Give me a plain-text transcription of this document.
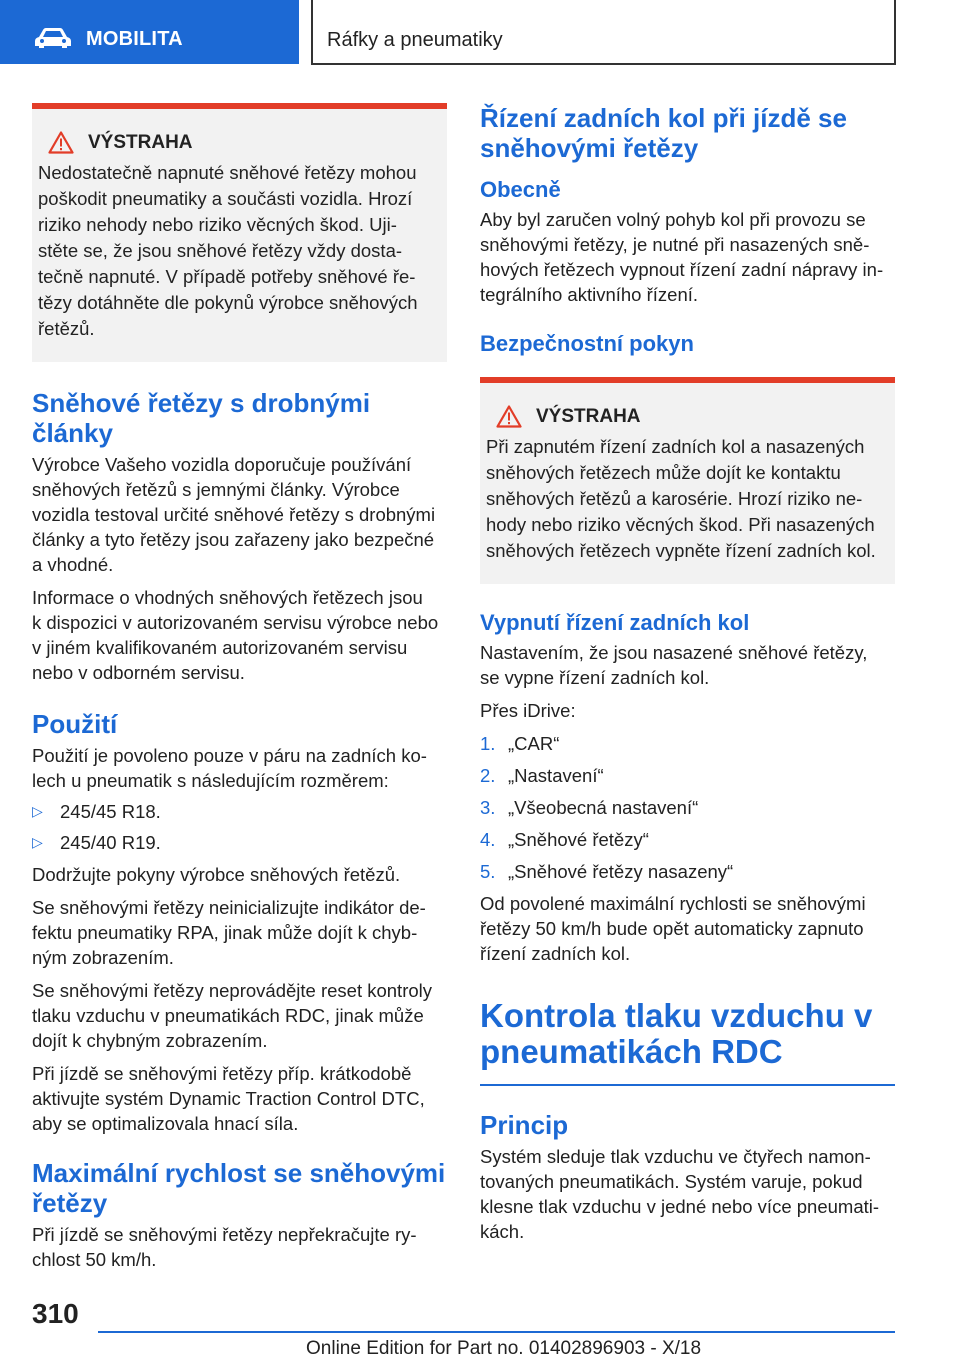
MOBILITA	Ráfky a pneumatiky
VÝSTRAHA
Nedostatečně napnuté sněhové řetězy mohou
poškodit pneumatiky a součásti vozidla. Hrozí
riziko nehody nebo riziko věcných škod. Uji-
stěte se, že jsou sněhové řetězy vždy dosta-
tečně napnuté. V případě potřeby sněhové ře-
tězy dotáhněte dle pokynů výrobce sněhových
řetězů.
Sněhové řetězy s drobnými
články

Výrobce Vašeho vozidla doporučuje používání
sněhových řetězů s jemnými články. Výrobce
vozidla testoval určité sněhové řetězy s drobnými
články a tyto řetězy jsou zařazeny jako bezpečné
a vhodné.

Informace o vhodných sněhových řetězech jsou
k dispozici v autorizovaném servisu výrobce nebo
v jiném kvalifikovaném autorizovaném servisu
nebo v odborném servisu.

Použití

Použití je povoleno pouze v páru na zadních ko-
lech u pneumatik s následujícím rozměrem:

▷ 245/45 R18.
▷ 245/40 R19.

Dodržujte pokyny výrobce sněhových řetězů.

Se sněhovými řetězy neinicializujte indikátor de-
fektu pneumatiky RPA, jinak může dojít k chyb-
ným zobrazením.

Se sněhovými řetězy neprovádějte reset kontroly
tlaku vzduchu v pneumatikách RDC, jinak může
dojít k chybným zobrazením.

Při jízdě se sněhovými řetězy příp. krátkodobě
aktivujte systém Dynamic Traction Control DTC,
aby se optimalizovala hnací síla.

Maximální rychlost se sněhovými
řetězy

Při jízdě se sněhovými řetězy nepřekračujte ry-
chlost 50 km/h.

Řízení zadních kol při jízdě se
sněhovými řetězy
Obecně

Aby byl zaručen volný pohyb kol při provozu se
sněhovými řetězy, je nutné při nasazených sně-
hových řetězech vypnout řízení zadní nápravy in-
tegrálního aktivního řízení.

Bezpečnostní pokyn
VÝSTRAHA
Při zapnutém řízení zadních kol a nasazených
sněhových řetězech může dojít ke kontaktu
sněhových řetězů a karosérie. Hrozí riziko ne-
hody nebo riziko věcných škod. Při nasazených
sněhových řetězech vypněte řízení zadních kol.
Vypnutí řízení zadních kol

Nastavením, že jsou nasazené sněhové řetězy,
se vypne řízení zadních kol.

Přes iDrive:

1. „CAR“
2. „Nastavení“
3. „Všeobecná nastavení“
4. „Sněhové řetězy“
5. „Sněhové řetězy nasazeny“

Od povolené maximální rychlosti se sněhovými
řetězy 50 km/h bude opět automaticky zapnuto
řízení zadních kol.

Kontrola tlaku vzduchu v
pneumatikách RDC
Princip

Systém sleduje tlak vzduchu ve čtyřech namon-
tovaných pneumatikách. Systém varuje, pokud
klesne tlak vzduchu v jedné nebo více pneumati-
kách.

310
Online Edition for Part no. 01402896903 - X/18
